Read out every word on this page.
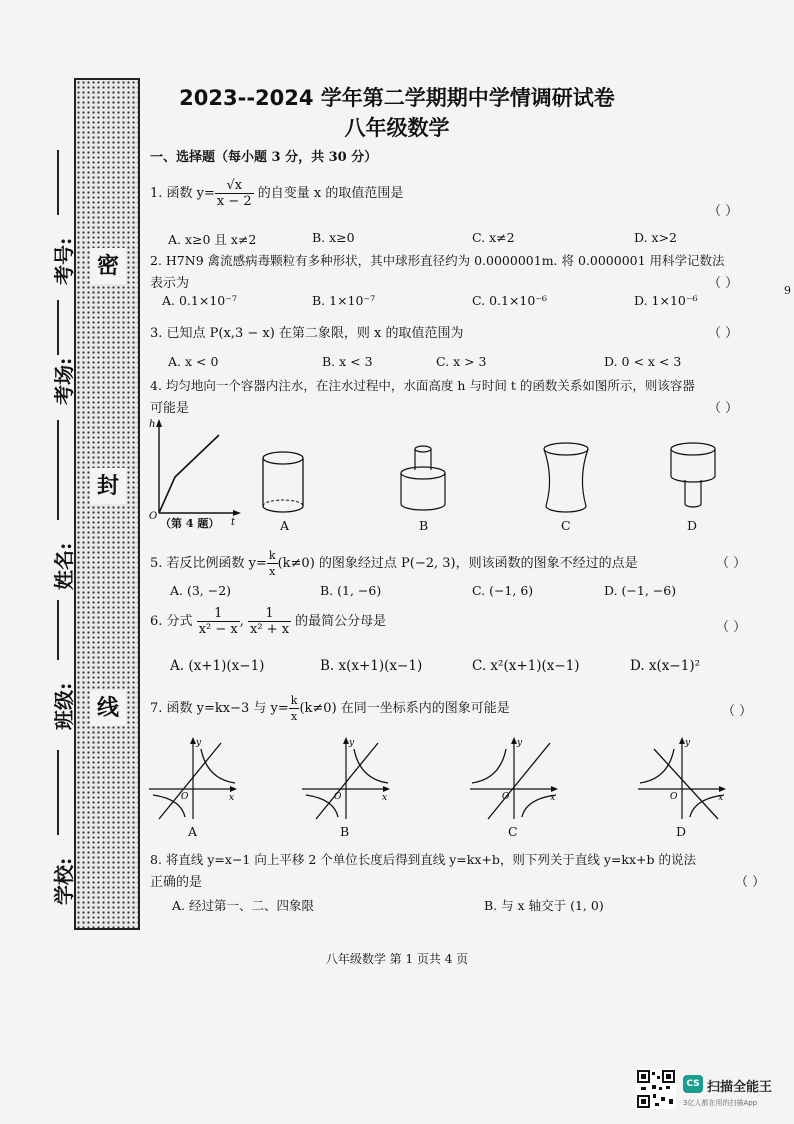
密
封
线
考号:
考场:
姓名:
班级:
学校:
2023--2024 学年第二学期期中学情调研试卷
八年级数学
一、选择题（每小题 3 分，共 30 分）
1. 函数 $y= \frac{√x}{x - 2}$ 的自变量 x 的取值范围是
（ ）
A. x≥0 且 x≠2	B. x≥0	C. x≠2	D. x>2
2. H7N9 禽流感病毒颗粒有多种形状，其中球形直径约为 0.0000001m. 将 0.0000001 用科学记数法
表示为	（ ）
A. 0.1×10⁻⁷	B. 1×10⁻⁷	C. 0.1×10⁻⁶	D. 1×10⁻⁶
3. 已知点 P(x,3 − x) 在第二象限，则 x 的取值范围为	（ ）
A. x < 0	B. x < 3	C. x > 3	D. 0 < x < 3
4. 均匀地向一个容器内注水，在注水过程中，水面高度 h 与时间 t 的函数关系如图所示，则该容器
可能是	（ ）
h
t
O
（第 4 题）	A	B	C	D
5. 若反比例函数 $y= \frac{k}{x} (k\ne 0)$ 的图象经过点 P(−2, 3)，则该函数的图象不经过的点是	（ ）
A. (3, −2)	B. (1, −6)	C. (−1, 6)	D. (−1, −6)
6. 分式 $\frac{1}{\text{x² − x}}$ , $\frac{1}{\text{x² + x}}$ 的最简公分母是	（ ）
A. (x+1)(x−1)	B. x(x+1)(x−1)	C. x²(x+1)(x−1)	D. x(x−1)²
7. 函数 y=kx−3 与 $y= \frac{k}{x} (k\ne 0)$ 在同一坐标系内的图象可能是	（ ）
y
x
O
y
x
O
y
x
O
y
x
O
A	B	C	D
8. 将直线 y=x−1 向上平移 2 个单位长度后得到直线 y=kx+b，则下列关于直线 y=kx+b 的说法
正确的是	（ ）
A. 经过第一、二、四象限	B. 与 x 轴交于 (1, 0)
八年级数学 第 1 页共 4 页
9
CS 扫描全能王
3亿人都在用的扫描App
